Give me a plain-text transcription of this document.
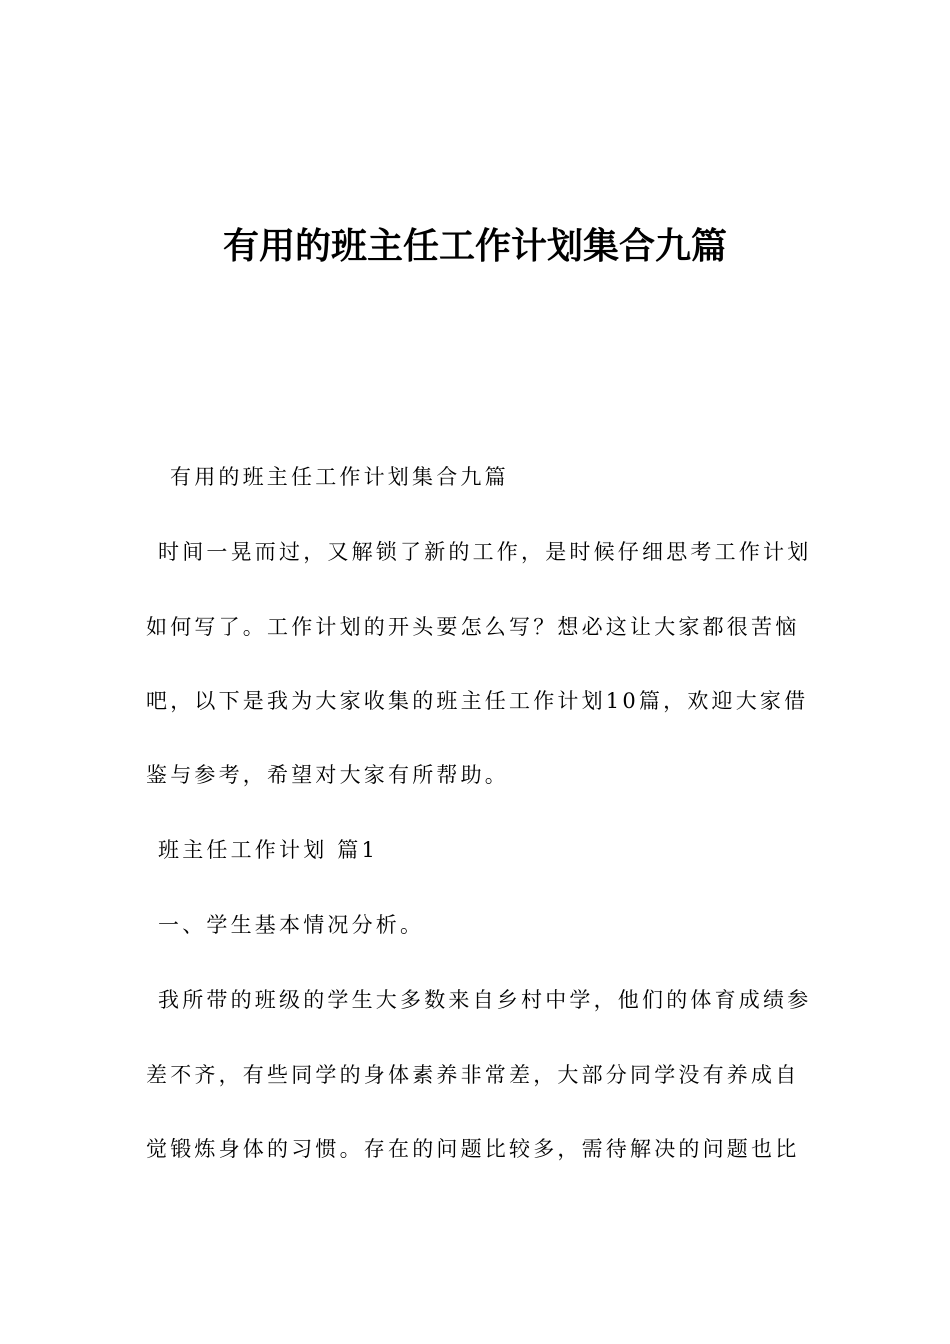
有用的班主任工作计划集合九篇

有用的班主任工作计划集合九篇

时间一晃而过，又解锁了新的工作，是时候仔细思考工作计划

如何写了。工作计划的开头要怎么写？想必这让大家都很苦恼

吧，以下是我为大家收集的班主任工作计划10篇，欢迎大家借

鉴与参考，希望对大家有所帮助。

班主任工作计划 篇1

一、学生基本情况分析。

我所带的班级的学生大多数来自乡村中学，他们的体育成绩参

差不齐，有些同学的身体素养非常差，大部分同学没有养成自

觉锻炼身体的习惯。存在的问题比较多，需待解决的问题也比
